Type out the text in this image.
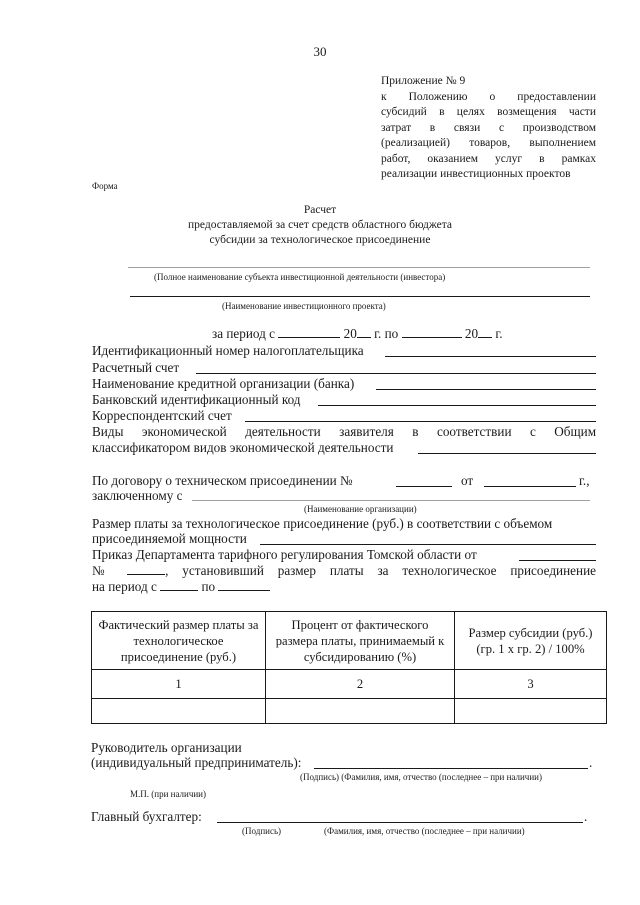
30
Приложение № 9
к Положению о предоставлении
субсидий в целях возмещения части
затрат в связи с производством
(реализацией) товаров, выполнением
работ, оказанием услуг в рамках
реализации инвестиционных проектов
Форма
Расчет
предоставляемой за счет средств областного бюджета
субсидии за технологическое присоединение
(Полное наименование субъекта инвестиционной деятельности (инвестора)
(Наименование инвестиционного проекта)
за период с	20 г. по	20 г.
Идентификационный номер налогоплательщика
Расчетный счет
Наименование кредитной организации (банка)
Банковский идентификационный код
Корреспондентский счет
Виды экономической деятельности заявителя в соответствии с Общим
классификатором видов экономической деятельности
По договору о техническом присоединении №	от	г.,
заключенному с
(Наименование организации)
Размер платы за технологическое присоединение (руб.) в соответствии с объемом
присоединяемой мощности
Приказ Департамента тарифного регулирования Томской области от
№	, установивший размер платы за технологическое присоединение
на период с	по
Фактический размер платы за технологическое присоединение (руб.)	Процент от фактического размера платы, принимаемый к субсидированию (%)	Размер субсидии (руб.) (гр. 1 х гр. 2) / 100%
1	2	3

Руководитель организации
(индивидуальный предприниматель):	.
(Подпись) (Фамилия, имя, отчество (последнее – при наличии)
М.П. (при наличии)
Главный бухгалтер:	.
(Подпись)	(Фамилия, имя, отчество (последнее – при наличии)
